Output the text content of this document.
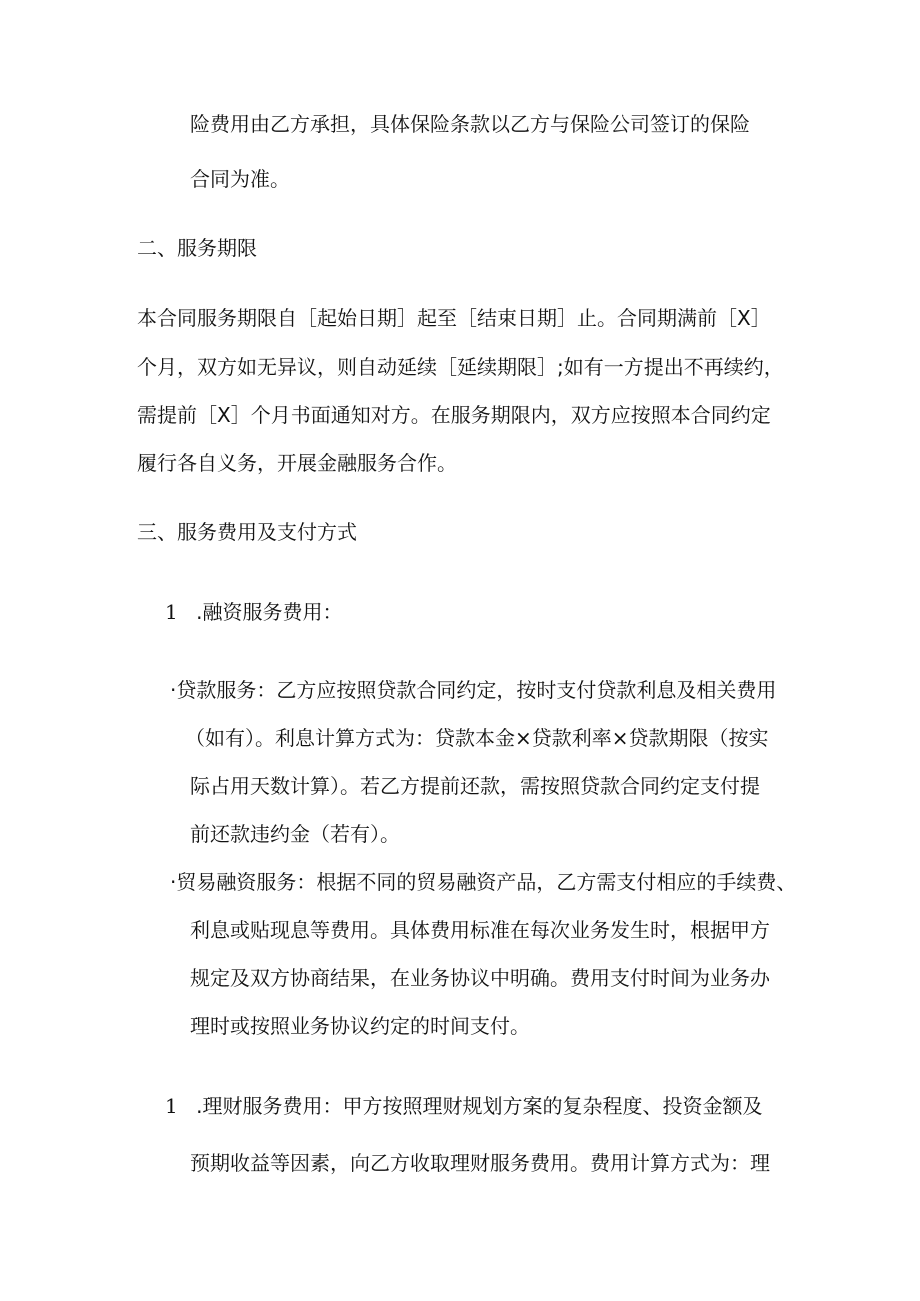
险费用由乙方承担，具体保险条款以乙方与保险公司签订的保险
合同为准。
二、服务期限
本合同服务期限自［起始日期］起至［结束日期］止。合同期满前［X］
个月，双方如无异议，则自动延续［延续期限］;如有一方提出不再续约，
需提前［X］个月书面通知对方。在服务期限内，双方应按照本合同约定
履行各自义务，开展金融服务合作。
三、服务费用及支付方式
1 .融资服务费用：
·贷款服务：乙方应按照贷款合同约定，按时支付贷款利息及相关费用
（如有）。利息计算方式为：贷款本金×贷款利率×贷款期限（按实
际占用天数计算）。若乙方提前还款，需按照贷款合同约定支付提
前还款违约金（若有）。
·贸易融资服务：根据不同的贸易融资产品，乙方需支付相应的手续费、
利息或贴现息等费用。具体费用标准在每次业务发生时，根据甲方
规定及双方协商结果，在业务协议中明确。费用支付时间为业务办
理时或按照业务协议约定的时间支付。
1 .理财服务费用：甲方按照理财规划方案的复杂程度、投资金额及
预期收益等因素，向乙方收取理财服务费用。费用计算方式为：理
